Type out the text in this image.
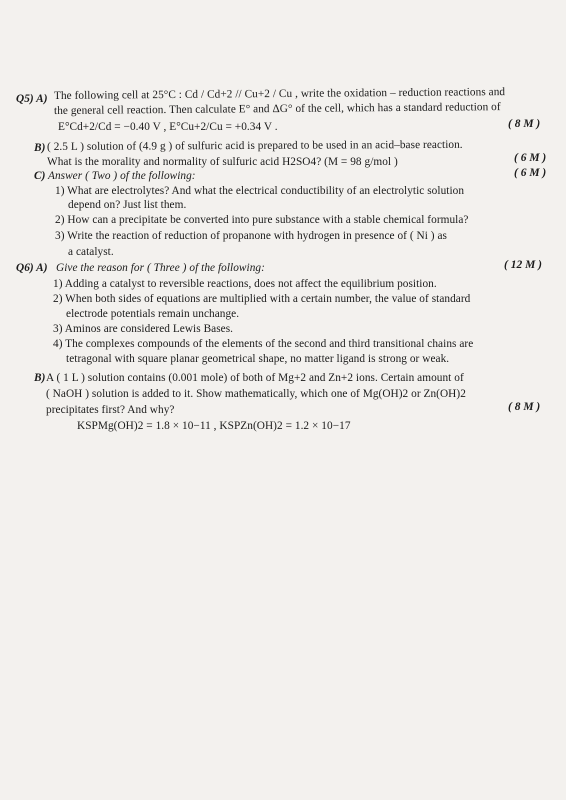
Q5) A) The following cell at 25°C : Cd / Cd+2 // Cu+2 / Cu , write the oxidation – reduction reactions and
the general cell reaction. Then calculate E° and ΔG° of the cell, which has a standard reduction of
E°Cd+2/Cd = −0.40 V , E°Cu+2/Cu = +0.34 V .	( 8 M )
B) ( 2.5 L ) solution of (4.9 g ) of sulfuric acid is prepared to be used in an acid–base reaction.
What is the morality and normality of sulfuric acid H2SO4? (M = 98 g/mol )	( 6 M )
C) Answer ( Two ) of the following:	( 6 M )
1) What are electrolytes? And what the electrical conductibility of an electrolytic solution
depend on? Just list them.
2) How can a precipitate be converted into pure substance with a stable chemical formula?
3) Write the reaction of reduction of propanone with hydrogen in presence of ( Ni ) as
a catalyst.
Q6) A) Give the reason for ( Three ) of the following:	( 12 M )
1) Adding a catalyst to reversible reactions, does not affect the equilibrium position.
2) When both sides of equations are multiplied with a certain number, the value of standard
electrode potentials remain unchange.
3) Aminos are considered Lewis Bases.
4) The complexes compounds of the elements of the second and third transitional chains are
tetragonal with square planar geometrical shape, no matter ligand is strong or weak.
B) A ( 1 L ) solution contains (0.001 mole) of both of Mg+2 and Zn+2 ions. Certain amount of
( NaOH ) solution is added to it. Show mathematically, which one of Mg(OH)2 or Zn(OH)2
precipitates first? And why?	( 8 M )
KSPMg(OH)2 = 1.8 × 10−11 , KSPZn(OH)2 = 1.2 × 10−17
